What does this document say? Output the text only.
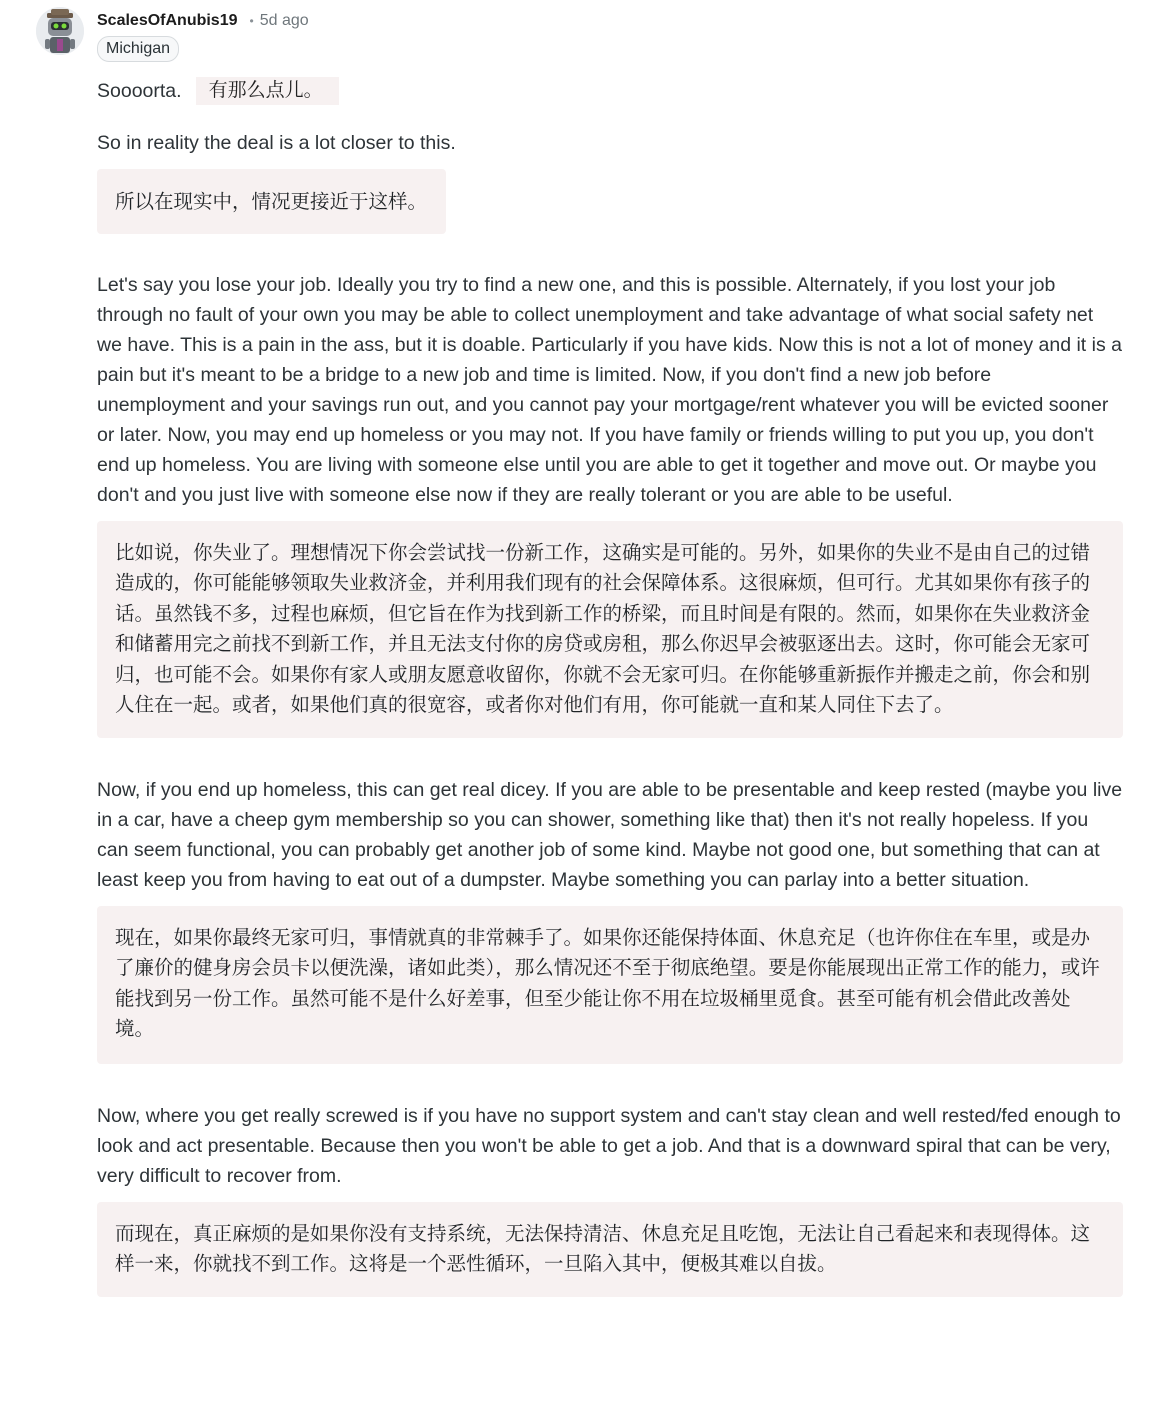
ScalesOfAnubis19 • 5d ago
Michigan
Soooorta.	有那么点儿。

So in reality the deal is a lot closer to this.

所以在现实中，情况更接近于这样。

Let's say you lose your job. Ideally you try to find a new one, and this is possible. Alternately, if you lost your job through no fault of your own you may be able to collect unemployment and take advantage of what social safety net we have. This is a pain in the ass, but it is doable. Particularly if you have kids. Now this is not a lot of money and it is a pain but it's meant to be a bridge to a new job and time is limited. Now, if you don't find a new job before unemployment and your savings run out, and you cannot pay your mortgage/rent whatever you will be evicted sooner or later. Now, you may end up homeless or you may not. If you have family or friends willing to put you up, you don't end up homeless. You are living with someone else until you are able to get it together and move out. Or maybe you don't and you just live with someone else now if they are really tolerant or you are able to be useful.

比如说，你失业了。理想情况下你会尝试找一份新工作，这确实是可能的。另外，如果你的失业不是由自己的过错造成的，你可能能够领取失业救济金，并利用我们现有的社会保障体系。这很麻烦，但可行。尤其如果你有孩子的话。虽然钱不多，过程也麻烦，但它旨在作为找到新工作的桥梁，而且时间是有限的。然而，如果你在失业救济金和储蓄用完之前找不到新工作，并且无法支付你的房贷或房租，那么你迟早会被驱逐出去。这时，你可能会无家可归，也可能不会。如果你有家人或朋友愿意收留你，你就不会无家可归。在你能够重新振作并搬走之前，你会和别人住在一起。或者，如果他们真的很宽容，或者你对他们有用，你可能就一直和某人同住下去了。

Now, if you end up homeless, this can get real dicey. If you are able to be presentable and keep rested (maybe you live in a car, have a cheep gym membership so you can shower, something like that) then it's not really hopeless. If you can seem functional, you can probably get another job of some kind. Maybe not good one, but something that can at least keep you from having to eat out of a dumpster. Maybe something you can parlay into a better situation.

现在，如果你最终无家可归，事情就真的非常棘手了。如果你还能保持体面、休息充足（也许你住在车里，或是办了廉价的健身房会员卡以便洗澡，诸如此类），那么情况还不至于彻底绝望。要是你能展现出正常工作的能力，或许能找到另一份工作。虽然可能不是什么好差事，但至少能让你不用在垃圾桶里觅食。甚至可能有机会借此改善处境。

Now, where you get really screwed is if you have no support system and can't stay clean and well rested/fed enough to look and act presentable. Because then you won't be able to get a job. And that is a downward spiral that can be very, very difficult to recover from.

而现在，真正麻烦的是如果你没有支持系统，无法保持清洁、休息充足且吃饱，无法让自己看起来和表现得体。这样一来，你就找不到工作。这将是一个恶性循环，一旦陷入其中，便极其难以自拔。
